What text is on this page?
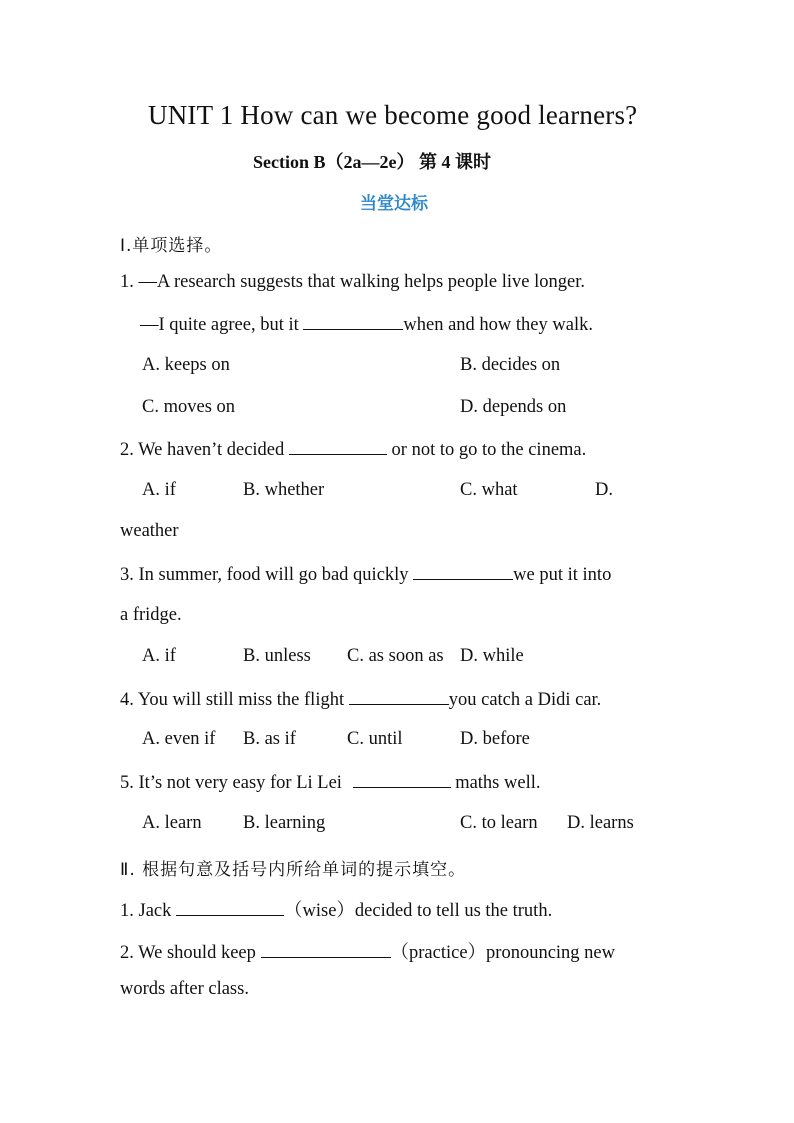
UNIT 1 How can we become good learners?
Section B（2a—2e） 第 4 课时
当堂达标
Ⅰ.单项选择。
1. —A research suggests that walking helps people live longer.
—I quite agree, but it	when and how they walk.
A. keeps on	B. decides on
C. moves on	D. depends on
2. We haven’t decided	or not to go to the cinema.
A. if	B. whether	C. what	D.
weather
3. In summer, food will go bad quickly	we put it into
a fridge.
A. if	B. unless C. as soon as D. while
4. You will still miss the flight	you catch a Didi car.
A. even if B. as if	C. until	D. before
5. It’s not very easy for Li Lei	maths well.
A. learn B. learning	C. to learn D. learns
Ⅱ. 根据句意及括号内所给单词的提示填空。
1. Jack	（wise）decided to tell us the truth.
2. We should keep	（practice）pronouncing new
words after class.
